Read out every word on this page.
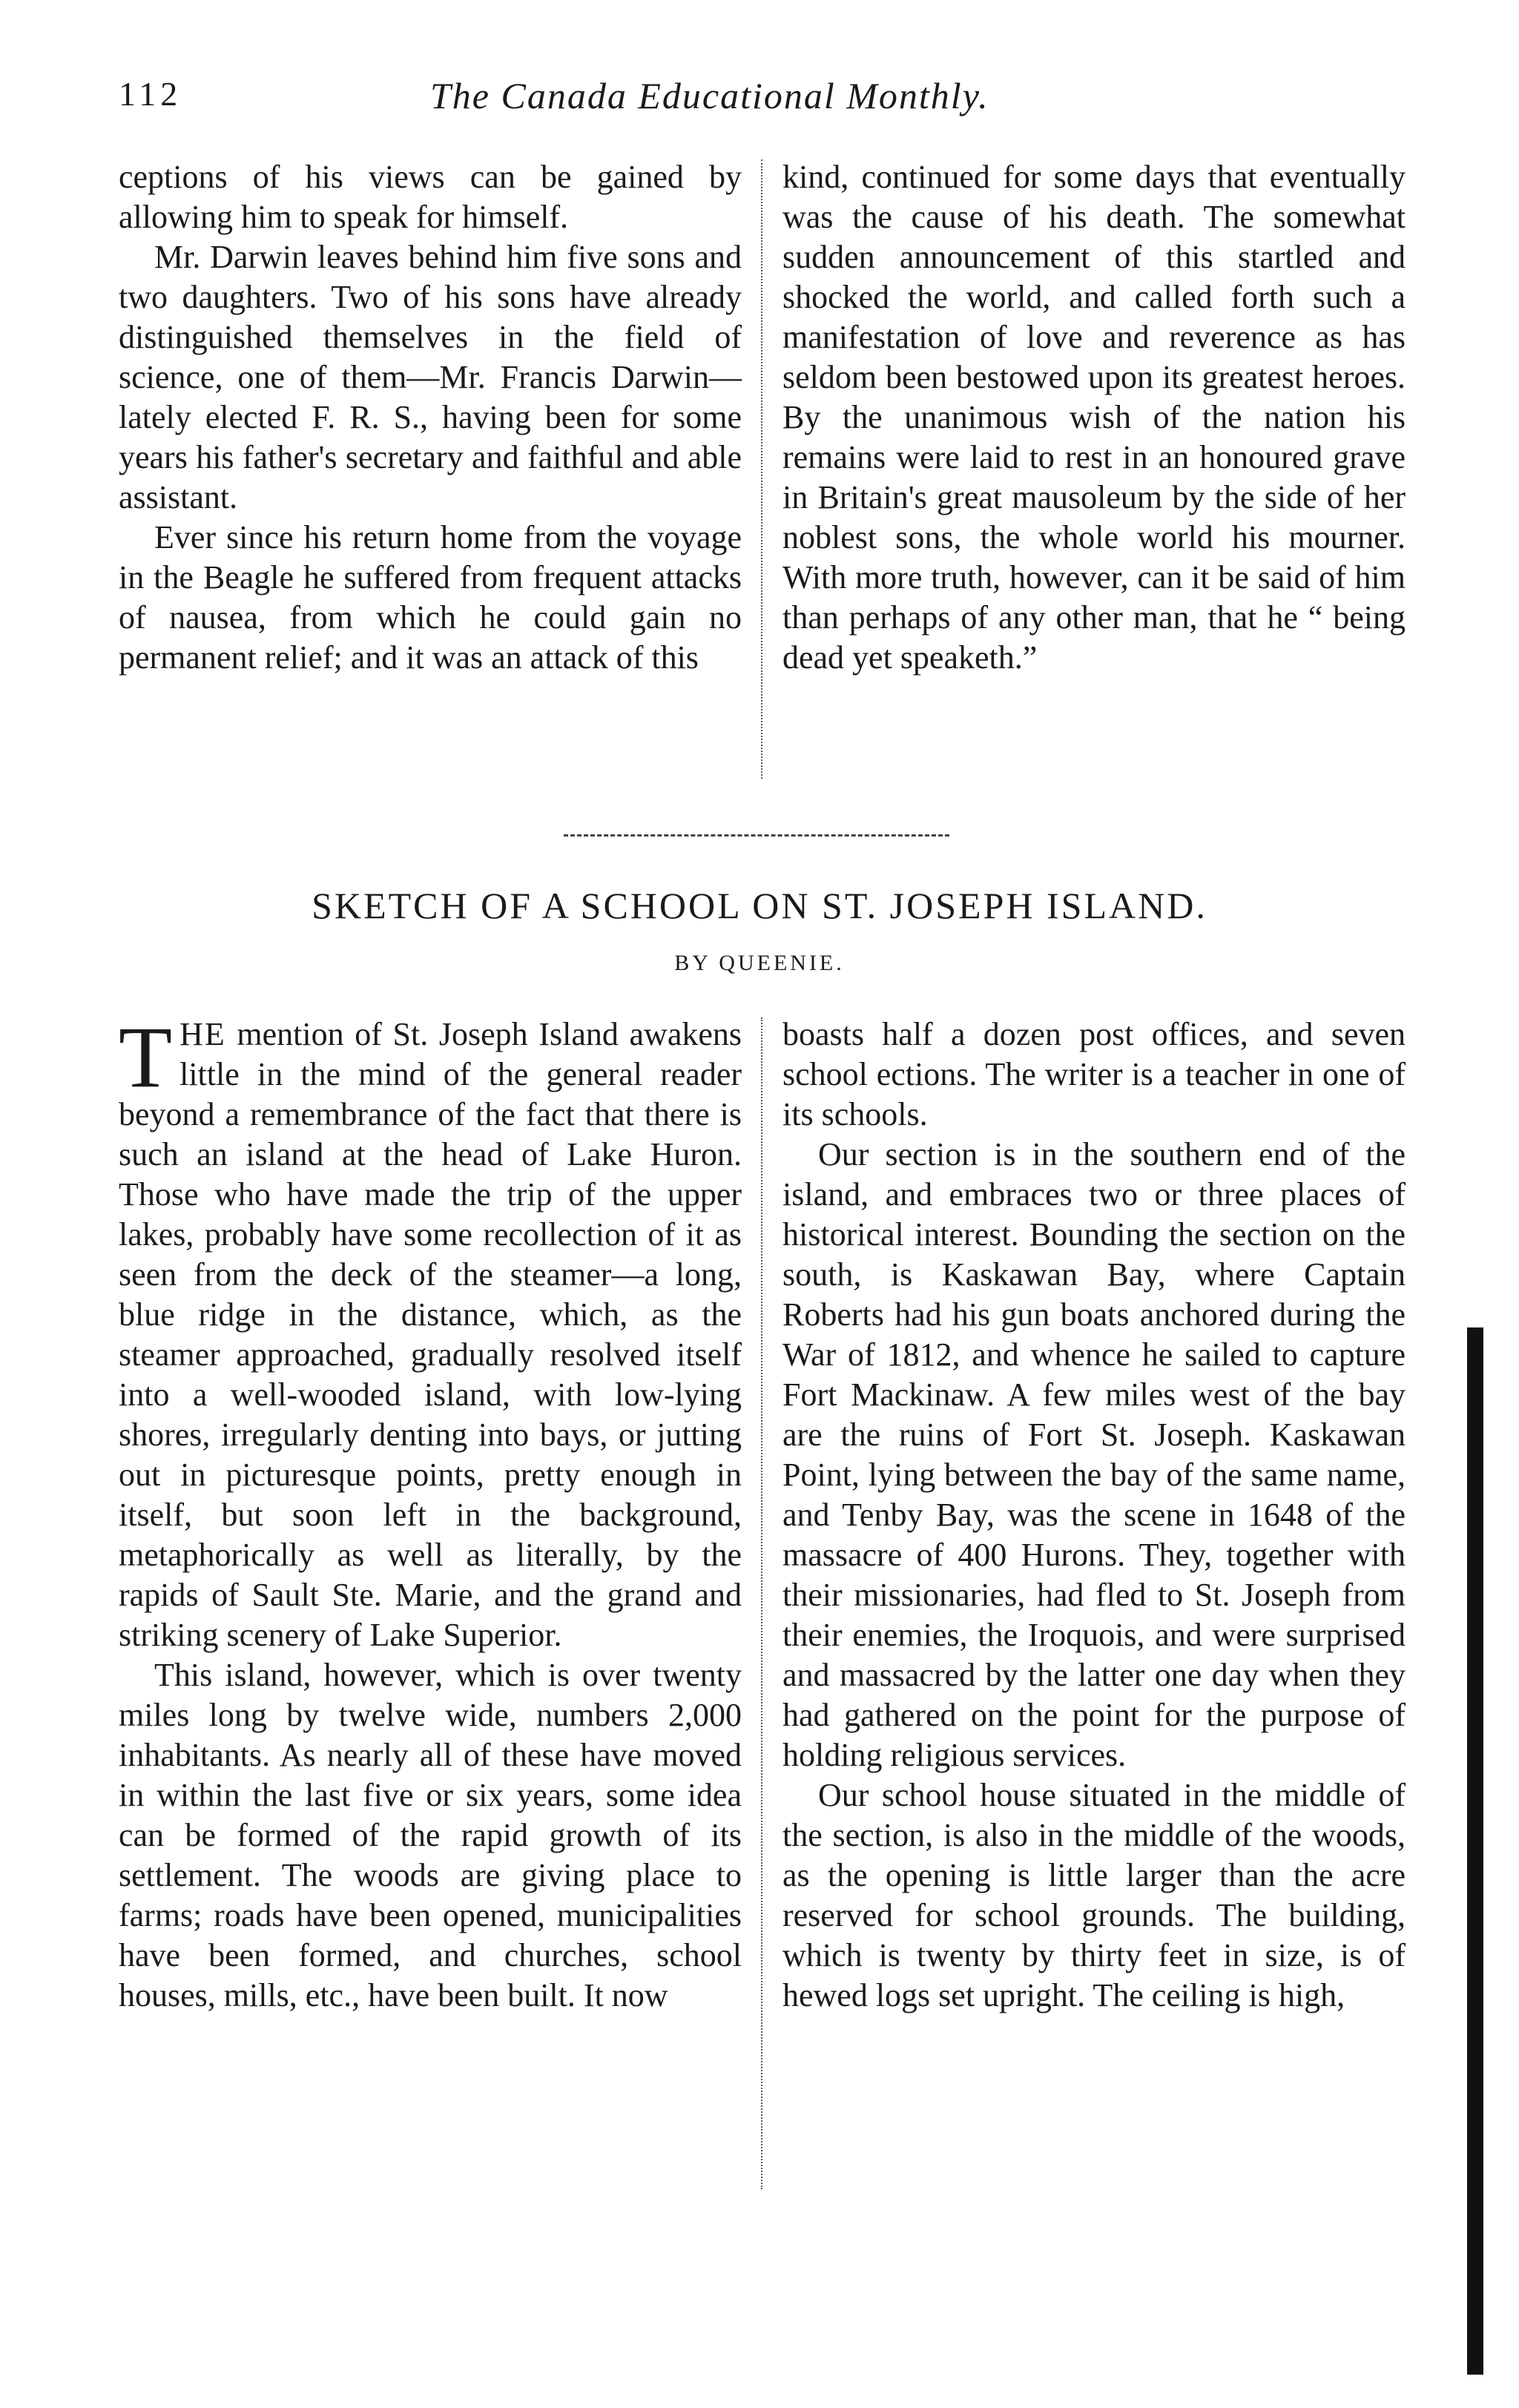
112	The Canada Educational Monthly.

ceptions of his views can be gained by allowing him to speak for himself.

Mr. Darwin leaves behind him five sons and two daughters. Two of his sons have already distinguished themselves in the field of science, one of them—Mr. Francis Darwin—lately elected F. R. S., having been for some years his father's secretary and faithful and able assistant.

Ever since his return home from the voyage in the Beagle he suffered from frequent attacks of nausea, from which he could gain no permanent relief; and it was an attack of this

kind, continued for some days that eventually was the cause of his death. The somewhat sudden announcement of this startled and shocked the world, and called forth such a manifestation of love and reverence as has seldom been bestowed upon its greatest heroes. By the unanimous wish of the nation his remains were laid to rest in an honoured grave in Britain's great mausoleum by the side of her noblest sons, the whole world his mourner. With more truth, however, can it be said of him than perhaps of any other man, that he “ being dead yet speaketh.”

SKETCH OF A SCHOOL ON ST. JOSEPH ISLAND.
BY QUEENIE.

THE mention of St. Joseph Island awakens little in the mind of the general reader beyond a remembrance of the fact that there is such an island at the head of Lake Huron. Those who have made the trip of the upper lakes, probably have some recollection of it as seen from the deck of the steamer—a long, blue ridge in the distance, which, as the steamer approached, gradually resolved itself into a well-wooded island, with low-lying shores, irregularly denting into bays, or jutting out in picturesque points, pretty enough in itself, but soon left in the background, metaphorically as well as literally, by the rapids of Sault Ste. Marie, and the grand and striking scenery of Lake Superior.

This island, however, which is over twenty miles long by twelve wide, numbers 2,000 inhabitants. As nearly all of these have moved in within the last five or six years, some idea can be formed of the rapid growth of its settlement. The woods are giving place to farms; roads have been opened, municipalities have been formed, and churches, school houses, mills, etc., have been built. It now

boasts half a dozen post offices, and seven school ections. The writer is a teacher in one of its schools.

Our section is in the southern end of the island, and embraces two or three places of historical interest. Bounding the section on the south, is Kaskawan Bay, where Captain Roberts had his gun boats anchored during the War of 1812, and whence he sailed to capture Fort Mackinaw. A few miles west of the bay are the ruins of Fort St. Joseph. Kaskawan Point, lying between the bay of the same name, and Tenby Bay, was the scene in 1648 of the massacre of 400 Hurons. They, together with their missionaries, had fled to St. Joseph from their enemies, the Iroquois, and were surprised and massacred by the latter one day when they had gathered on the point for the purpose of holding religious services.

Our school house situated in the middle of the section, is also in the middle of the woods, as the opening is little larger than the acre reserved for school grounds. The building, which is twenty by thirty feet in size, is of hewed logs set upright. The ceiling is high,
